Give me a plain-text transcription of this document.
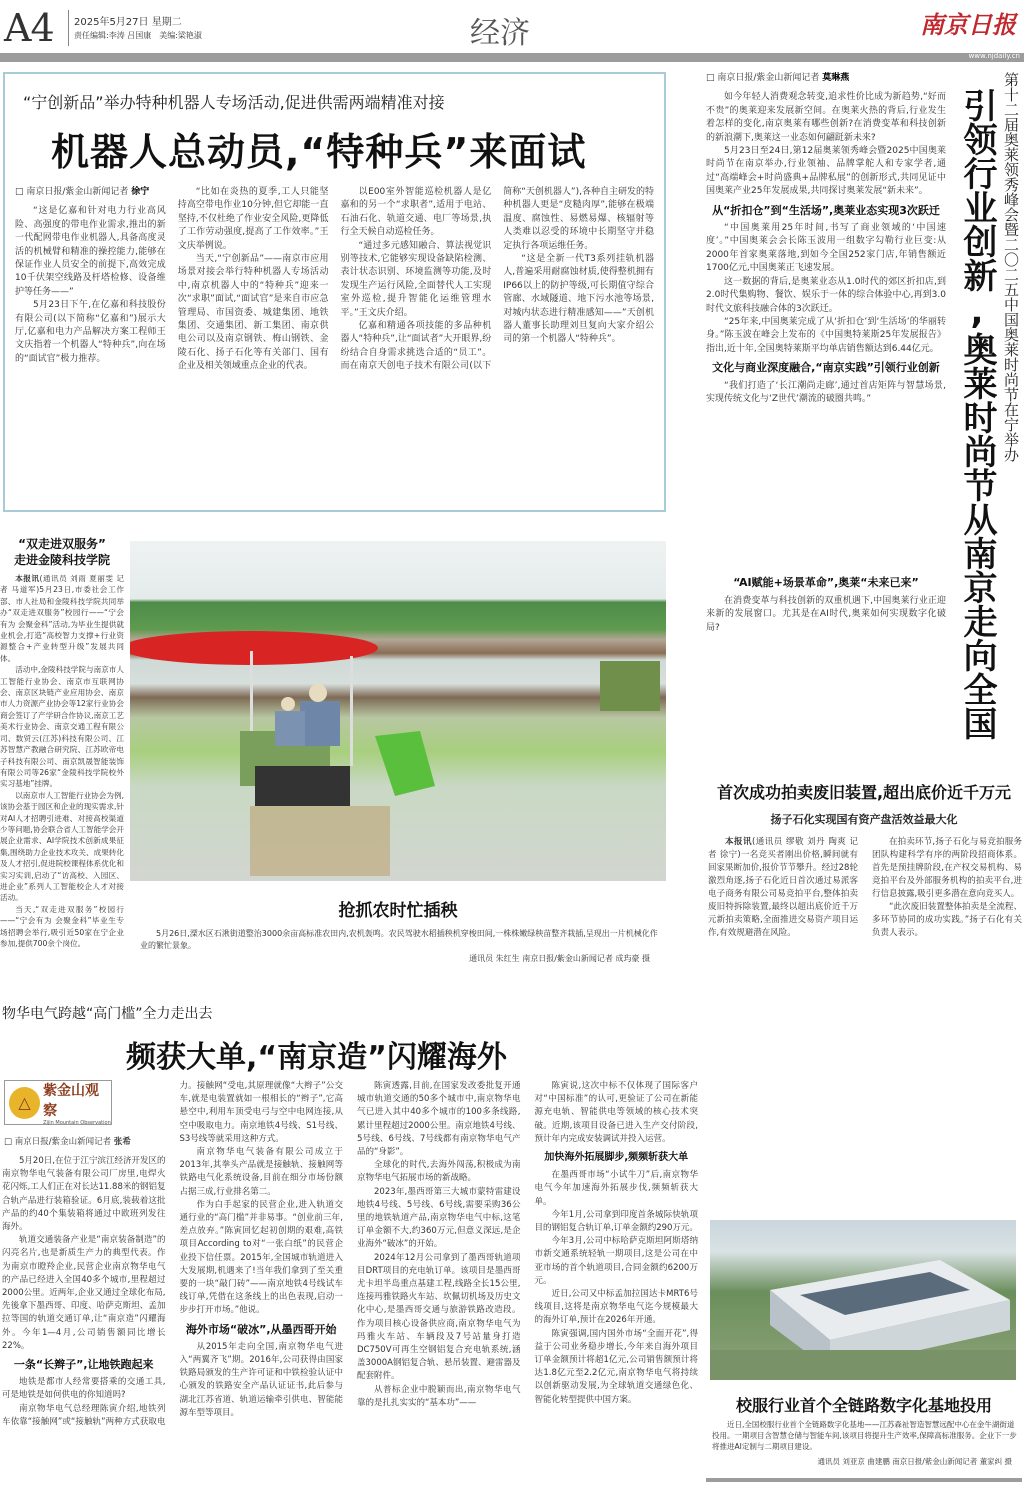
A4 2025年5月27日 星期二
责任编辑:李涛 吕国康　美编:梁艳淑	经济	南京日报
www.njdaily.cn
“宁创新品”举办特种机器人专场活动,促进供需两端精准对接
机器人总动员,“特种兵”来面试
□ 南京日报/紫金山新闻记者 徐宁

“这是亿嘉和针对电力行业高风险、高强度的带电作业需求,推出的新一代配网带电作业机器人,具备高度灵活的机械臂和精准的操控能力,能够在保证作业人员安全的前提下,高效完成10千伏架空线路及杆塔检修、设备维护等任务——”

5月23日下午,在亿嘉和科技股份有限公司(以下简称“亿嘉和”)展示大厅,亿嘉和电力产品解决方案工程师王文庆指着一个机器人“特种兵”,向在场的“面试官”极力推荐。

“比如在炎热的夏季,工人只能坚持高空带电作业10分钟,但它却能一直坚持,不仅杜绝了作业安全风险,更降低了工作劳动强度,提高了工作效率。”王文庆举例说。

当天,“宁创新品”——南京市应用场景对接会举行特种机器人专场活动中,南京机器人中的“特种兵”迎来一次“求职”面试,“面试官”是来自市应急管理局、市国资委、城建集团、地铁集团、交通集团、新工集团、南京供电公司以及南京钢铁、梅山钢铁、金陵石化、扬子石化等有关部门、国有企业及相关领域重点企业的代表。

以E00室外智能巡检机器人是亿嘉和的另一个“求职者”,适用于电站、石油石化、轨道交通、电厂等场景,执行全天候自动巡检任务。

“通过多元感知融合、算法视觉识别等技术,它能够实现设备缺陷检测、表计状态识别、环境监测等功能,及时发现生产运行风险,全面替代人工实现室外巡检,提升智能化运维管理水平。”王文庆介绍。

亿嘉和精通各项技能的多品种机器人“特种兵”,让“面试者”大开眼界,纷纷结合自身需求挑选合适的“员工”。而在南京天创电子技术有限公司(以下简称“天创机器人”),各种自主研发的特种机器人更是“皮糙肉厚”,能够在极端温度、腐蚀性、易燃易爆、核辐射等人类难以忍受的环境中长期坚守并稳定执行各项运维任务。

“这是全新一代T3系列挂轨机器人,普遍采用耐腐蚀材质,使得整机拥有IP66以上的防护等级,可长期值守综合管廊、水域隧道、地下污水池等场景,对城内状态进行精准感知——”天创机器人董事长助理刘旦复向大家介绍公司的第一个机器人“特种兵”。

□ 南京日报/紫金山新闻记者 莫琳燕

如今年轻人消费观念转变,追求性价比成为新趋势,“好而不贵”的奥莱迎来发展新空间。在奥莱火热的背后,行业发生着怎样的变化,南京奥莱有哪些创新?在消费变革和科技创新的新浪潮下,奥莱这一业态如何翩跹新未来?

5月23日至24日,第12届奥莱领秀峰会暨2025中国奥莱时尚节在南京举办,行业领袖、品牌掌舵人和专家学者,通过“高端峰会+时尚盛典+品牌私展”的创新形式,共同见证中国奥莱产业25年发展成果,共同探讨奥莱发展“新未来”。

从“折扣仓”到“生活场”,奥莱业态实现3次跃迁

“中国奥莱用25年时间,书写了商业领域的‘中国速度’。”中国奥莱会会长陈玉波用一组数字勾勒行业巨变:从2000年首家奥莱落地,到如今全国252家门店,年销售额近1700亿元,中国奥莱正飞速发展。

这一数据的背后,是奥莱业态从1.0时代的郊区折扣店,到2.0时代集购物、餐饮、娱乐于一体的综合体验中心,再到3.0时代文旅科技融合体的3次跃迁。

“25年来,中国奥莱完成了从‘折扣仓’到‘生活场’的华丽转身。”陈玉波在峰会上发布的《中国奥特莱斯25年发展报告》指出,近十年,全国奥特莱斯平均单店销售额达到6.44亿元。

文化与商业深度融合,“南京实践”引领行业创新

“我们打造了‘长江潮尚走廊’,通过首店矩阵与智慧场景,实现传统文化与‘Z世代’潮流的破圈共鸣。”

“AI赋能+场景革命”,奥莱“未来已来”

在消费变革与科技创新的双重机遇下,中国奥莱行业正迎来新的发展窗口。尤其是在AI时代,奥莱如何实现数字化破局?	引领行业创新,奥莱时尚节从南京走向全国 第十二届奥莱领秀峰会暨二〇二五中国奥莱时尚节在宁举办
“双走进双服务”
走进金陵科技学院

本报讯(通讯员 刘雨 夏丽雯 记者 马道军)5月23日,市委社会工作部、市人社局和金陵科技学院共同举办“双走进双服务”校园行——“宁会有为 会聚金科”活动,为毕业生提供就业机会,打造“高校智力支撑+行业资源整合+产业转型升级”发展共同体。

活动中,金陵科技学院与南京市人工智能行业协会、南京市互联网协会、南京区块链产业应用协会、南京市人力资源产业协会等12家行业协会商会签订了产学研合作协议,南京工艺美术行业协会、南京交通工程有限公司、数贸云(江苏)科技有限公司、江苏智慧产教融合研究院、江苏欧帝电子科技有限公司、南京凯晟智能装饰有限公司等26家“金陵科技学院校外实习基地”挂牌。

以南京市人工智能行业协会为例,该协会基于园区和企业的现实需求,针对AI人才招聘引进难、对接高校渠道少等问题,协会联合省人工智能学会开展企业需求、AI学院技术创新成果征集,围绕助力企业技术攻关、成果转化及人才招引,促进院校课程体系优化和实习实训,启动了“访高校、入园区、进企业”系列人工智能校企人才对接活动。

当天,“双走进双服务”校园行——“宁会有为 会聚金科”毕业生专场招聘会举行,吸引近50家在宁企业参加,提供700余个岗位。

抢抓农时忙插秧
5月26日,溧水区石湫街道整治3000余亩高标准农田内,农机轰鸣。农民驾驶水稻插秧机穿梭田间,一株株嫩绿秧苗整齐栽插,呈现出一片机械化作业的繁忙景象。
通讯员 朱红生 南京日报/紫金山新闻记者 成玙豪 摄
首次成功拍卖废旧装置,超出底价近千万元
扬子石化实现国有资产盘活效益最大化

本报讯(通讯员 缪敬 刘丹 陶爽 记者 徐宁)一名竞买者刚出价格,瞬间就有回家果断加价,报价节节攀升。经过28轮激烈角逐,扬子石化近日首次通过易派客电子商务有限公司易竞拍平台,整体拍卖废旧特拆除装置,最终以超出底价近千万元新拍卖策略,全面推进交易资产项目运作,有效规避潜在风险。

在拍卖环节,扬子石化与易竞拍服务团队构建科学有序的两阶段招商体系。首先是预挂牌阶段,在产权交易机构、易竞拍平台及外部服务机构的拍卖平台,进行信息披露,吸引更多潜在意向竞买人。

“此次废旧装置整体拍卖是全流程、多环节协同的成功实践。”扬子石化有关负责人表示。

校服行业首个全链路数字化基地投用
近日,全国校服行业首个全链路数字化基地——江苏森祉智造智慧远配中心在金牛湖街道投用。一期项目含智慧仓储与智能车间,该项目将提升生产效率,保障高标准服务。企业下一步将推进AI定制与二期项目建设。
通讯员 刘亚京 曲建鹏 南京日报/紫金山新闻记者 董家纠 摄
物华电气跨越“高门槛”全力走出去
频获大单,“南京造”闪耀海外
△
紫金山观察
Zijin Mountain Observation
□ 南京日报/紫金山新闻记者 张希

5月20日,在位于江宁滨江经济开发区的南京物华电气装备有限公司厂房里,电焊火花闪烁,工人们正在对长达11.88米的钢铝复合轨产品进行装箱验证。6月底,装载着这批产品的约40个集装箱将通过中欧班列发往海外。

轨道交通装备产业是“南京装备制造”的闪亮名片,也是新质生产力的典型代表。作为南京市瞪羚企业,民营企业南京物华电气的产品已经进入全国40多个城市,里程超过2000公里。近两年,企业又通过全球化布局,先後拿下墨西哥、印度、哈萨克斯坦、孟加拉等国的轨道交通订单,让“南京造”闪耀海外。今年1—4月,公司销售额同比增长22%。

一条“长辫子”,让地铁跑起来

地铁是都市人经常要搭乘的交通工具,可是地铁是如何供电的你知道吗?

南京物华电气总经理陈寅介绍,地铁列车依靠“接触网”或“接触轨”两种方式获取电力。接触网“受电,其原理就像“大辫子”公交车,就是电装置就如一根相长的“辫子”,它高悬空中,利用车顶受电弓与空中电网连接,从空中吸取电力。南京地铁4号线、S1号线、S3号线等就采用这种方式。

南京物华电气装备有限公司成立于2013年,其拳头产品就是接触轨、接触网等铁路电气化系统设备,目前在细分市场份额占据三成,行业排名第二。

作为白手起家的民营企业,进入轨道交通行业的“高门槛”并非易事。“创业前三年,差点放弃。”陈寅回忆起初创期的艰难,高铁项目According to对“一张白纸”的民营企业投下信任票。2015年,全国城市轨道进入大发展期,机遇来了!当年我们拿到了至关重要的一块“敲门砖”——南京地铁4号线试车线订单,凭借在这条线上的出色表现,启动一步步打开市场。”他说。

海外市场“破冰”,从墨西哥开始

从2015年走向全国,南京物华电气进入“两翼齐飞”期。2016年,公司获得由国家铁路局颁发的生产许可证和中铁检验认证中心颁发的铁路安全产品认证证书,此后参与湖北江苏省道、轨道运输牵引供电、智能能源车型等项目。

陈寅透露,目前,在国家发改委批复开通城市轨道交通的50多个城市中,南京物华电气已进入其中40多个城市的100多条线路,累计里程超过2000公里。南京地铁4号线、5号线、6号线、7号线都有南京物华电气产品的“身影”。

全球化的时代,去海外闯荡,积极成为南京物华电气拓展市场的新战略。

2023年,墨西哥第三大城市蒙特雷建设地铁4号线、5号线、6号线,需要采购36公里的地铁轨道产品,南京物华电气中标,这笔订单金额不大,约360万元,但意义深远,是企业海外“破冰”的开始。

2024年12月公司拿到了墨西哥轨道项目DRT项目的充电轨订单。该项目是墨西哥尤卡坦半岛重点基建工程,线路全长15公里,连接玛雅铁路火车站、坎佩切机场及历史文化中心,是墨西哥交通与旅游铁路改造段。作为项目核心设备供应商,南京物华电气为玛雅火车站、车辆段及7号站量身打造DC750V可再生空钢铝复合充电轨系统,涵盖3000A钢铝复合轨、悬吊装置、避雷器及配套附件。

从普标企业中脱颖而出,南京物华电气靠的是扎扎实实的“基本功”——

陈寅说,这次中标不仅体现了国际客户对“中国标准”的认可,更验证了公司在新能源充电轨、智能供电等领域的核心技术突破。近期,该项目设备已进入生产交付阶段,预计年内完成安装调试并投入运营。

加快海外拓展脚步,频频斩获大单

在墨西哥市场“小试牛刀”后,南京物华电气今年加速海外拓展步伐,频频斩获大单。

今年1月,公司拿到印度首条城际快轨项目的钢铝复合轨订单,订单金额约290万元。

今年3月,公司中标哈萨克斯坦阿斯塔纳市新交通系统轻轨一期项目,这是公司在中亚市场的首个轨道项目,合同金额约6200万元。

近日,公司又中标孟加拉国达卡MRT6号线项目,这将是南京物华电气迄今规模最大的海外订单,预计在2026年开通。

陈寅强调,国内国外市场“全面开花”,得益于公司业务稳步增长,今年来自海外项目订单金额预计将超1亿元,公司销售额预计将达1.8亿元至2.2亿元,南京物华电气将持续以创新驱动发展,为全球轨道交通绿色化、智能化转型提供中国方案。
